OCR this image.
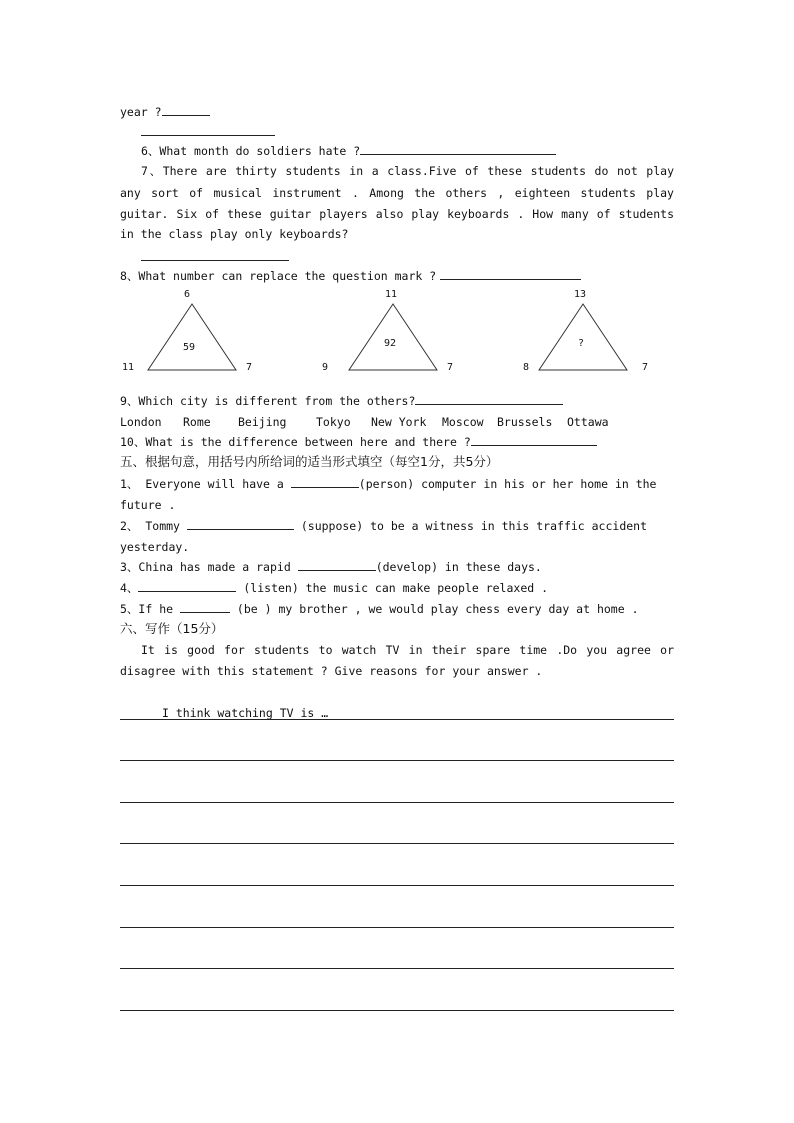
year ?
6、What month do soldiers hate ?
7、There are thirty students in a class.Five of these students do not play
any sort of musical instrument . Among the others , eighteen students play
guitar. Six of these guitar players also play keyboards . How many of students
in the class play only keyboards?
8、What number can replace the question mark ?
6
11	7
59
11
9	7
92
13
8	7
?
9、Which city is different from the others?
London Rome Beijing	Tokyo New York Moscow Brussels Ottawa
10、What is the difference between here and there ?
五、根据句意，用括号内所给词的适当形式填空（每空1分，共5分）
1、 Everyone will have a	(person) computer in his or her home in the
future .
2、 Tommy	(suppose) to be a witness in this traffic accident
yesterday.
3、China has made a rapid	(develop) in these days.
4、	(listen) the music can make people relaxed .
5、If he	(be ) my brother , we would play chess every day at home .
六、写作（15分）
It is good for students to watch TV in their spare time .Do you agree or
disagree with this statement ? Give reasons for your answer .
I think watching TV is …
